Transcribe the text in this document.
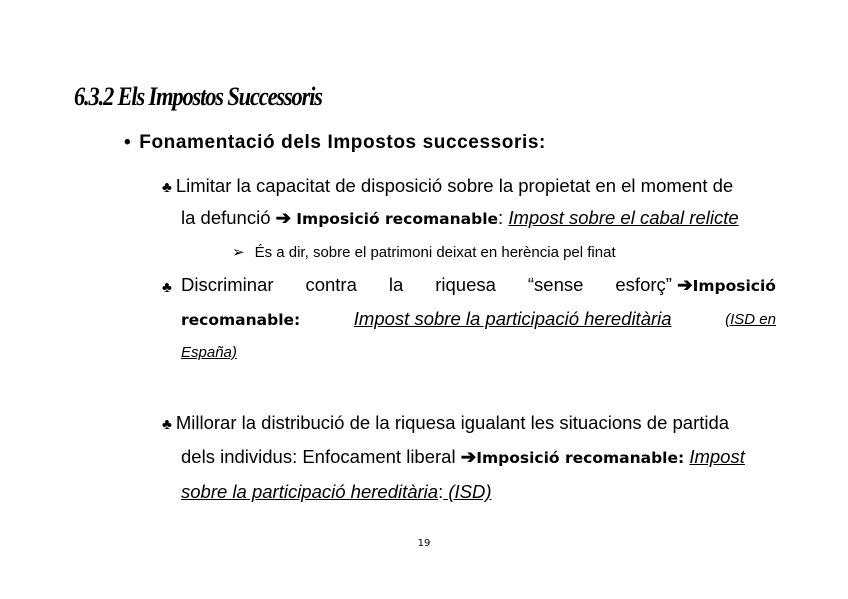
6.3.2 Els Impostos Successoris
• Fonamentació dels Impostos successoris:
♣ Limitar la capacitat de disposició sobre la propietat en el moment de
la defunció ➔ Imposició recomanable: Impost sobre el cabal relicte
➢ És a dir, sobre el patrimoni deixat en herència pel finat
♣ Discriminar contra la riquesa “sense esforç” ➔Imposició
recomanable:	Impost sobre la participació hereditària	(ISD en
España)
♣ Millorar la distribució de la riquesa igualant les situacions de partida
dels individus: Enfocament liberal ➔Imposició recomanable: Impost
sobre la participació hereditària: (ISD)
19
